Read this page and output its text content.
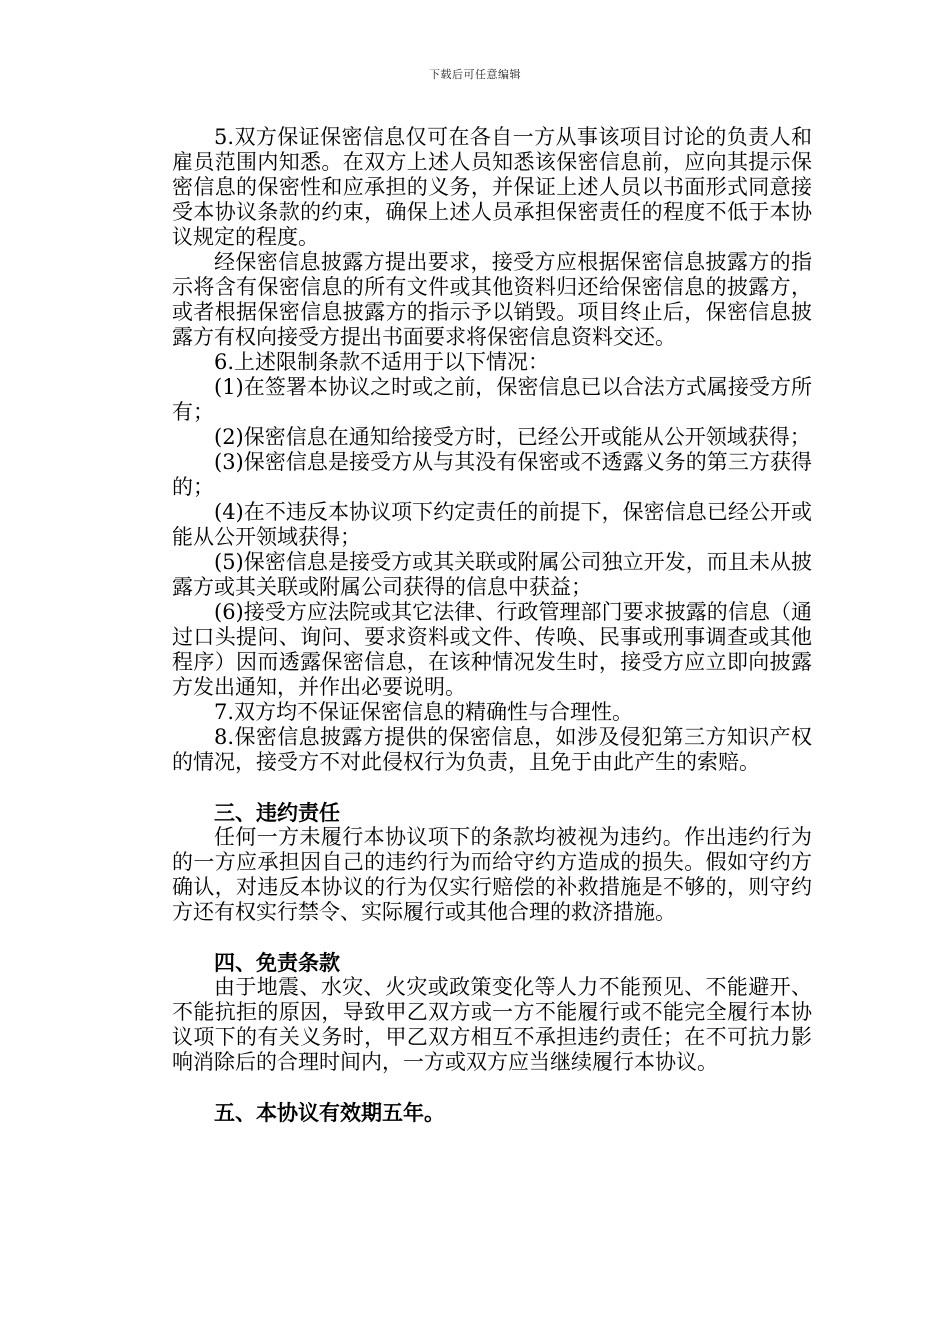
下载后可任意编辑

5.双方保证保密信息仅可在各自一方从事该项目讨论的负责人和雇员范围内知悉。在双方上述人员知悉该保密信息前，应向其提示保密信息的保密性和应承担的义务，并保证上述人员以书面形式同意接受本协议条款的约束，确保上述人员承担保密责任的程度不低于本协议规定的程度。

经保密信息披露方提出要求，接受方应根据保密信息披露方的指示将含有保密信息的所有文件或其他资料归还给保密信息的披露方，或者根据保密信息披露方的指示予以销毁。项目终止后，保密信息披露方有权向接受方提出书面要求将保密信息资料交还。

6.上述限制条款不适用于以下情况：

(1)在签署本协议之时或之前，保密信息已以合法方式属接受方所有；

(2)保密信息在通知给接受方时，已经公开或能从公开领域获得；

(3)保密信息是接受方从与其没有保密或不透露义务的第三方获得的；

(4)在不违反本协议项下约定责任的前提下，保密信息已经公开或能从公开领域获得；

(5)保密信息是接受方或其关联或附属公司独立开发，而且未从披露方或其关联或附属公司获得的信息中获益；

(6)接受方应法院或其它法律、行政管理部门要求披露的信息（通过口头提问、询问、要求资料或文件、传唤、民事或刑事调查或其他程序）因而透露保密信息，在该种情况发生时，接受方应立即向披露方发出通知，并作出必要说明。

7.双方均不保证保密信息的精确性与合理性。

8.保密信息披露方提供的保密信息，如涉及侵犯第三方知识产权的情况，接受方不对此侵权行为负责，且免于由此产生的索赔。

三、违约责任

任何一方未履行本协议项下的条款均被视为违约。作出违约行为的一方应承担因自己的违约行为而给守约方造成的损失。假如守约方确认，对违反本协议的行为仅实行赔偿的补救措施是不够的，则守约方还有权实行禁令、实际履行或其他合理的救济措施。

四、免责条款

由于地震、水灾、火灾或政策变化等人力不能预见、不能避开、不能抗拒的原因，导致甲乙双方或一方不能履行或不能完全履行本协议项下的有关义务时，甲乙双方相互不承担违约责任；在不可抗力影响消除后的合理时间内，一方或双方应当继续履行本协议。

五、本协议有效期五年。
